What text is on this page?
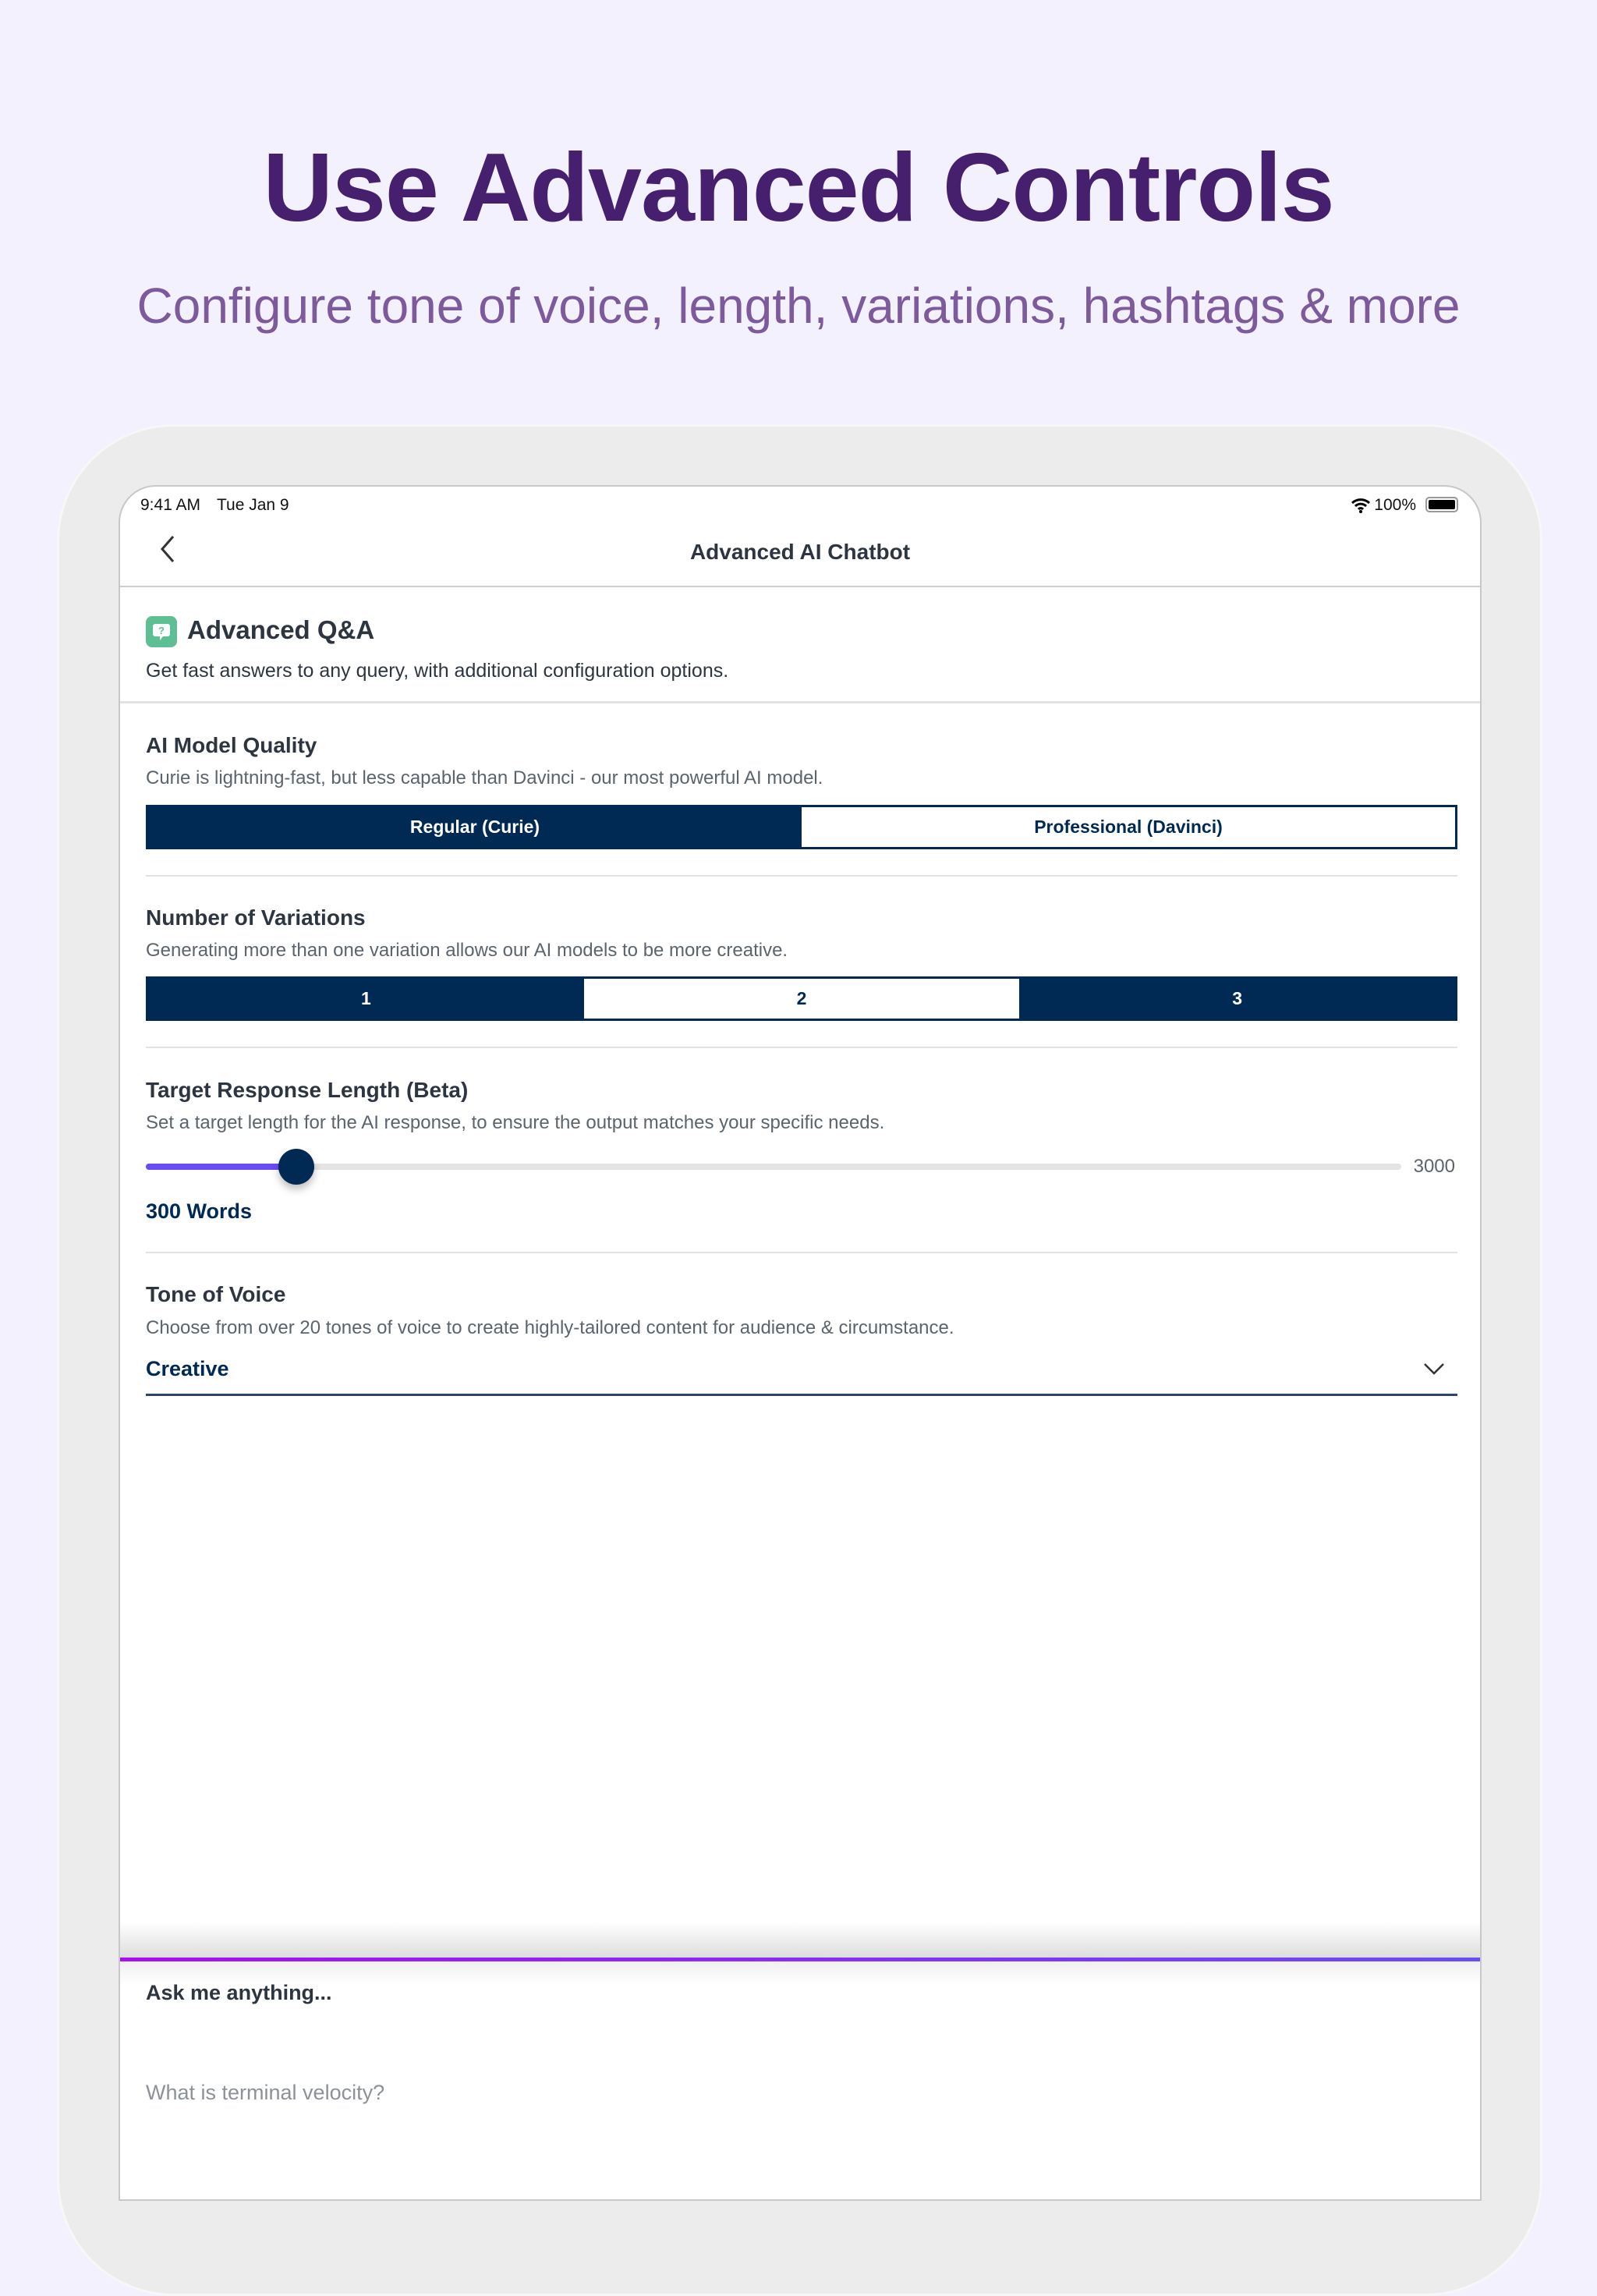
Use Advanced Controls
Configure tone of voice, length, variations, hashtags & more
9:41 AM Tue Jan 9	100%
Advanced AI Chatbot
? Advanced Q&A
Get fast answers to any query, with additional configuration options.
AI Model Quality
Curie is lightning-fast, but less capable than Davinci - our most powerful AI model.
Regular (Curie)	Professional (Davinci)
Number of Variations
Generating more than one variation allows our AI models to be more creative.
1	2	3
Target Response Length (Beta)
Set a target length for the AI response, to ensure the output matches your specific needs.
3000
300 Words
Tone of Voice
Choose from over 20 tones of voice to create highly-tailored content for audience & circumstance.
Creative
Ask me anything...
What is terminal velocity?
